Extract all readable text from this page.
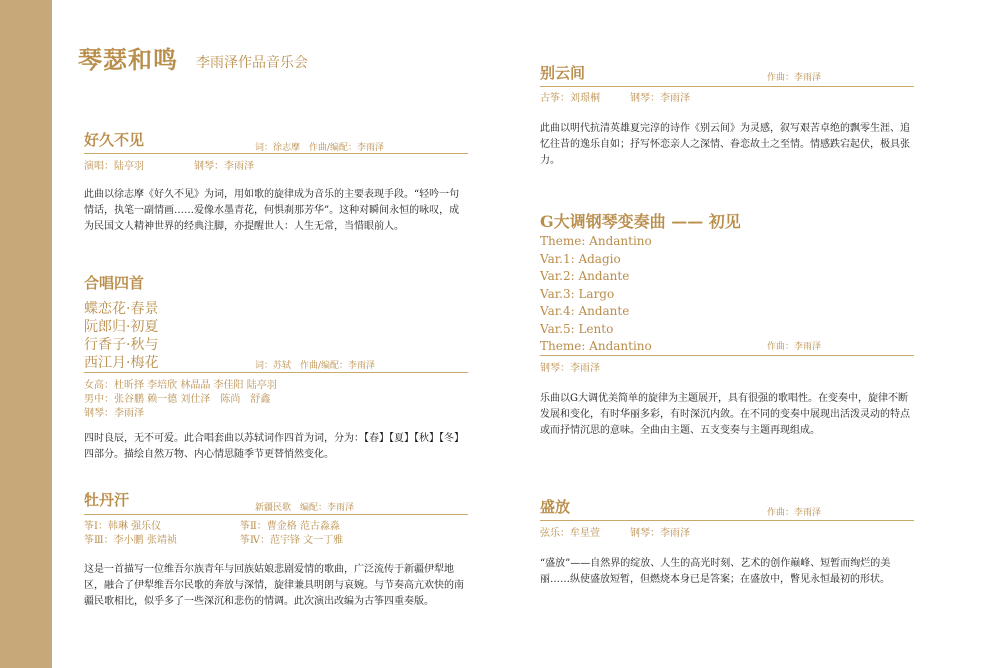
琴瑟和鸣 李雨泽作品音乐会
好久不见	词：徐志摩　作曲/编配：李雨泽
演唱：陆亭羽　　　　　钢琴：李雨泽
此曲以徐志摩《好久不见》为词，用如歌的旋律成为音乐的主要表现手段。“轻吟一句情话，执笔一副情画……爱像水墨青花，何惧刹那芳华”。这种对瞬间永恒的咏叹，成为民国文人精神世界的经典注脚，亦提醒世人：人生无常，当惜眼前人。
合唱四首
蝶恋花·春景
阮郎归·初夏
行香子·秋与
西江月·梅花	词：苏轼　作曲/编配：李雨泽
女高：杜昕择 李培欣 林晶晶 李佳阳 陆亭羽
男中：张谷鹏 赖一德 刘仕泽　陈尚　舒鑫
钢琴：李雨泽
四时良辰，无不可爱。此合唱套曲以苏轼词作四首为词，分为：【春】【夏】【秋】【冬】四部分。描绘自然万物、内心情思随季节更替悄然变化。
牡丹汗	新疆民歌　编配：李雨泽
筝Ⅰ：韩琳 强乐仪	筝Ⅱ：曹金格 范古淼淼
筝Ⅲ：李小鹏 张靖祯	筝Ⅳ：范宇锋 文一丁雅
这是一首描写一位维吾尔族青年与回族姑娘悲剧爱情的歌曲，广泛流传于新疆伊犁地区，融合了伊犁维吾尔民歌的奔放与深情，旋律兼具明朗与哀婉。与节奏高亢欢快的南疆民歌相比，似乎多了一些深沉和悲伤的情调。此次演出改编为古筝四重奏版。
别云间	作曲：李雨泽
古筝：刘璟桐　　　钢琴：李雨泽
此曲以明代抗清英雄夏完淳的诗作《别云间》为灵感，叙写艰苦卓绝的飘零生涯、追忆往昔的逸乐自如；抒写怀恋亲人之深情、眷恋故土之至情。情感跌宕起伏，极具张力。
G大调钢琴变奏曲 —— 初见
Theme: Andantino
Var.1: Adagio
Var.2: Andante
Var.3: Largo
Var.4: Andante
Var.5: Lento
Theme: Andantino	作曲：李雨泽
钢琴：李雨泽
乐曲以G大调优美简单的旋律为主题展开，具有很强的歌唱性。在变奏中，旋律不断发展和变化，有时华丽多彩，有时深沉内敛。在不同的变奏中展现出活泼灵动的特点或而抒情沉思的意味。全曲由主题、五支变奏与主题再现组成。
盛放	作曲：李雨泽
弦乐：牟星萱　　　钢琴：李雨泽
“盛放”——自然界的绽放、人生的高光时刻、艺术的创作巅峰、短暂而绚烂的美丽……纵使盛放短暂，但燃烧本身已是答案；在盛放中，瞥见永恒最初的形状。
